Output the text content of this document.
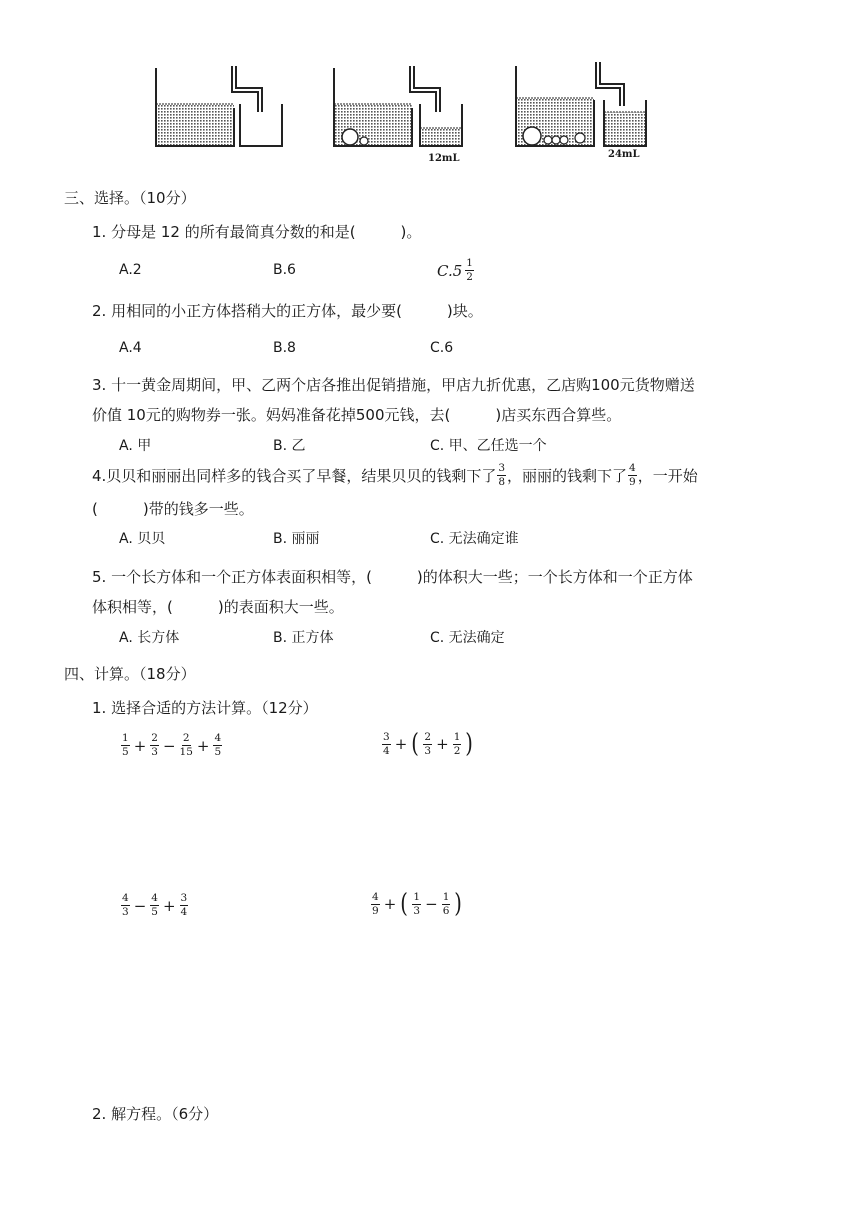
12mL	24mL
三、选择。（10分）
1. 分母是 12 的所有最简真分数的和是(　　　)。
A.2	B.6	$C.5 \frac{1}{2}$
2. 用相同的小正方体搭稍大的正方体，最少要(　　　)块。
A.4	B.8	C.6
3. 十一黄金周期间，甲、乙两个店各推出促销措施，甲店九折优惠，乙店购100元货物赠送
价值 10元的购物券一张。妈妈准备花掉500元钱，去(　　　)店买东西合算些。
A. 甲	B. 乙	C. 甲、乙任选一个
4.贝贝和丽丽出同样多的钱合买了早餐，结果贝贝的钱剩下了 $\frac{3}{8}$ ，丽丽的钱剩下了 $\frac{4}{9}$ ，一开始
(　　　)带的钱多一些。
A. 贝贝	B. 丽丽	C. 无法确定谁
5. 一个长方体和一个正方体表面积相等，(　　　)的体积大一些；一个长方体和一个正方体
体积相等，(　　　)的表面积大一些。
A. 长方体	B. 正方体	C. 无法确定
四、计算。（18分）
1. 选择合适的方法计算。（12分）
$\frac{1}{5} + \frac{2}{3} - \frac{2}{15} + \frac{4}{5}$	$\frac{3}{4}$ + ( $\frac{2}{3} + \frac{1}{2}$ )
$\frac{4}{3} - \frac{4}{5} + \frac{3}{4}$	$\frac{4}{9}$ + ( $\frac{1}{3} - \frac{1}{6}$ )
2. 解方程。（6分）
